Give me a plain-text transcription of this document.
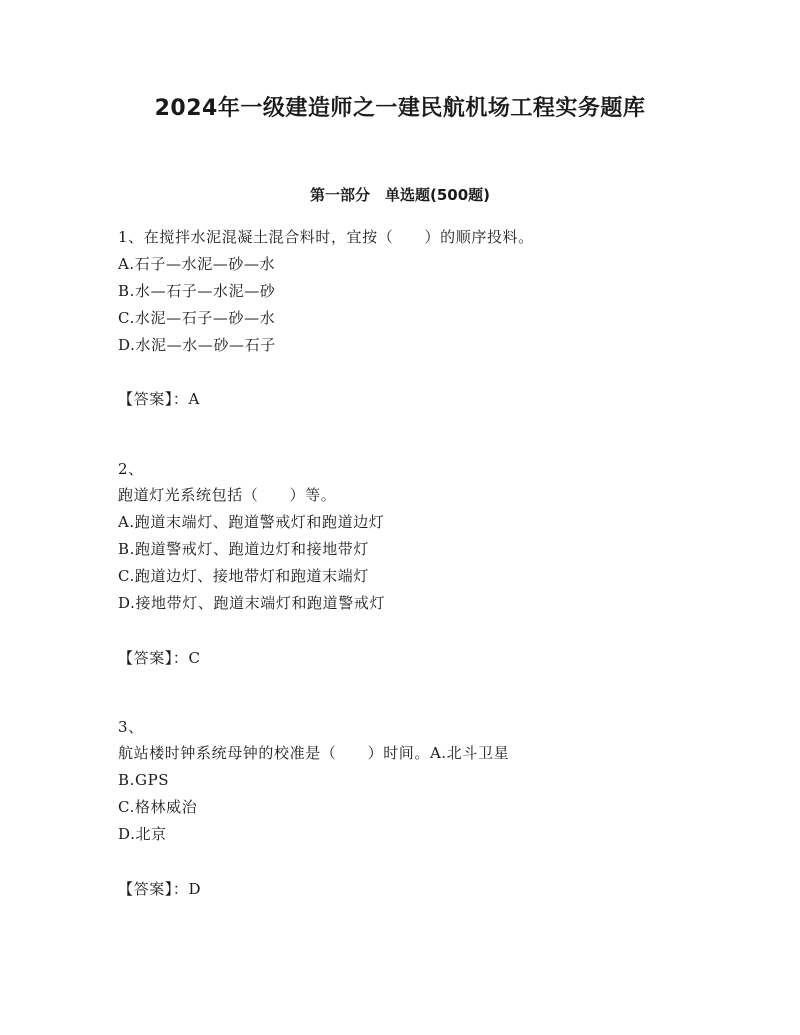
2024年一级建造师之一建民航机场工程实务题库
第一部分　单选题(500题)
1、在搅拌水泥混凝土混合料时，宜按（　　）的顺序投料。
A.石子—水泥—砂—水
B.水—石子—水泥—砂
C.水泥—石子—砂—水
D.水泥—水—砂—石子
【答案】：A
2、
跑道灯光系统包括（　　）等。
A.跑道末端灯、跑道警戒灯和跑道边灯
B.跑道警戒灯、跑道边灯和接地带灯
C.跑道边灯、接地带灯和跑道末端灯
D.接地带灯、跑道末端灯和跑道警戒灯
【答案】：C
3、
航站楼时钟系统母钟的校准是（　　）时间。A.北斗卫星
B.GPS
C.格林威治
D.北京
【答案】：D
